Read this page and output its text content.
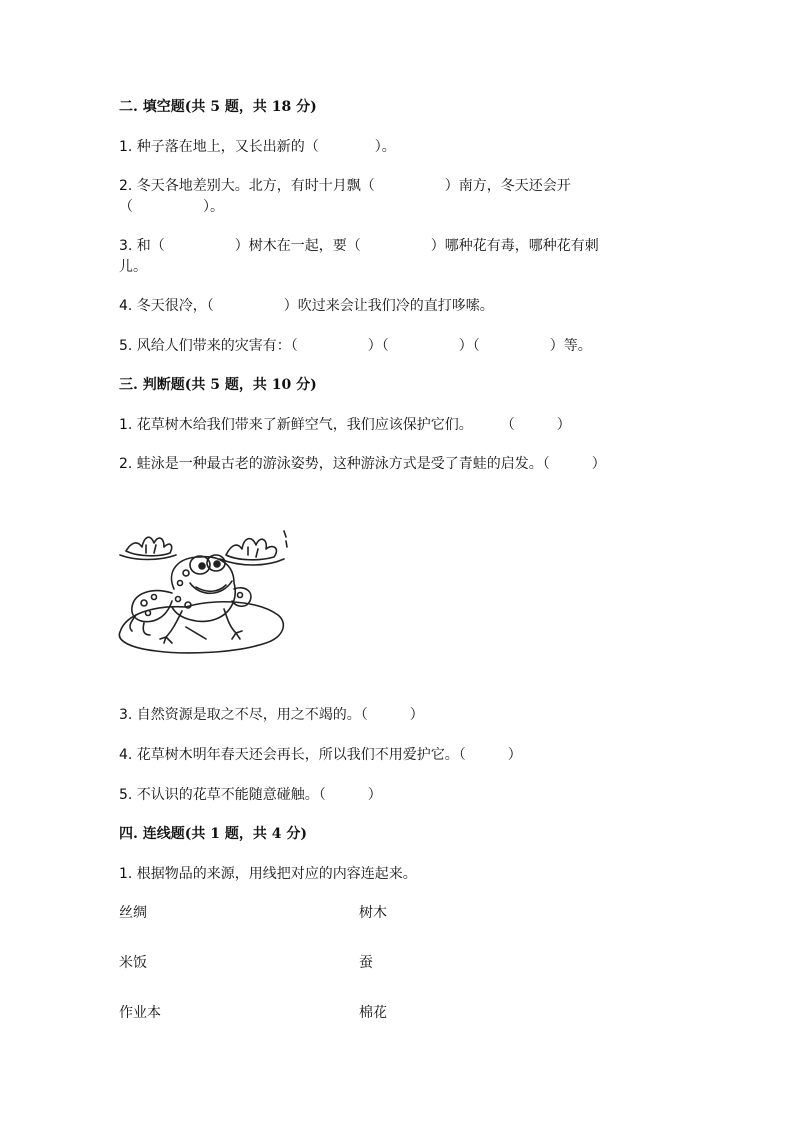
二. 填空题(共 5 题，共 18 分)
1. 种子落在地上，又长出新的（　　　　）。
2. 冬天各地差别大。北方，有时十月飘（　　　　　）南方，冬天还会开
（　　　　　）。
3. 和（　　　　　）树木在一起，要（　　　　　）哪种花有毒，哪种花有刺
儿。
4. 冬天很冷，（　　　　　）吹过来会让我们冷的直打哆嗦。
5. 风给人们带来的灾害有：（　　　　　）（　　　　　）（　　　　　）等。
三. 判断题(共 5 题，共 10 分)
1. 花草树木给我们带来了新鲜空气，我们应该保护它们。　　　（　　　）
2. 蛙泳是一种最古老的游泳姿势，这种游泳方式是受了青蛙的启发。（　　　）
3. 自然资源是取之不尽，用之不竭的。（　　　）
4. 花草树木明年春天还会再长，所以我们不用爱护它。（　　　）
5. 不认识的花草不能随意碰触。（　　　）
四. 连线题(共 1 题，共 4 分)
1. 根据物品的来源，用线把对应的内容连起来。
丝绸	树木
米饭	蚕
作业本	棉花
